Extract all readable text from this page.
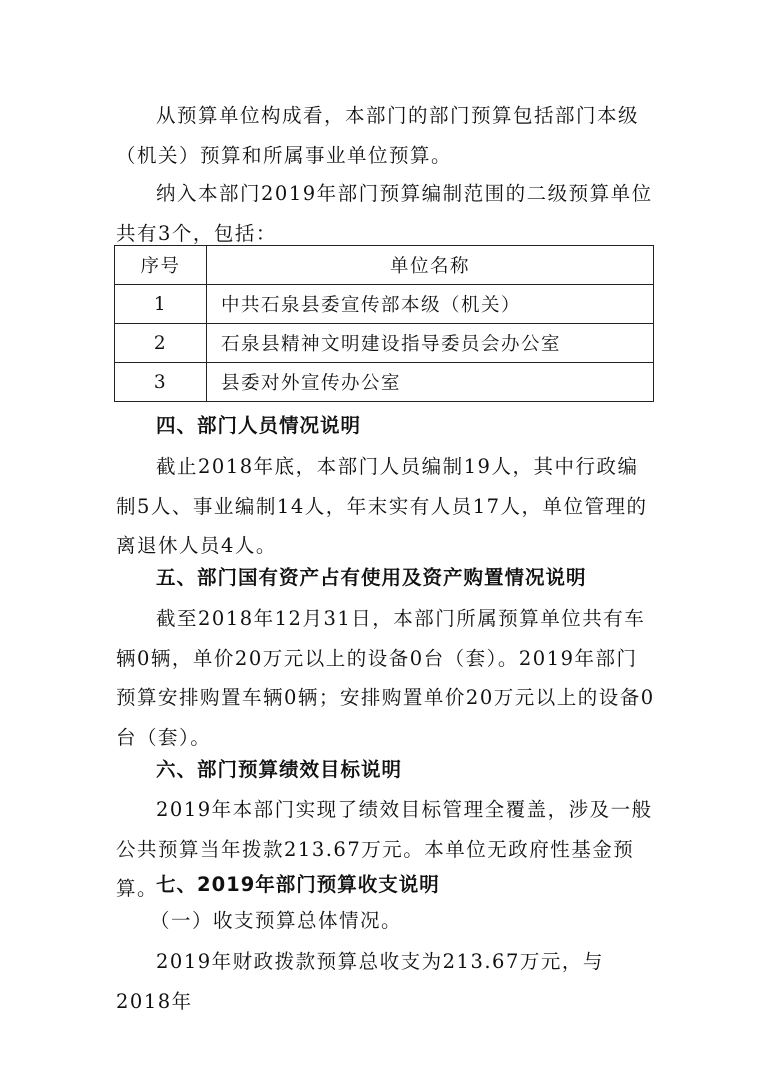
从预算单位构成看，本部门的部门预算包括部门本级（机关）预算和所属事业单位预算。

纳入本部门2019年部门预算编制范围的二级预算单位共有3个，包括：

序号	单位名称
1	中共石泉县委宣传部本级（机关）
2	石泉县精神文明建设指导委员会办公室
3	县委对外宣传办公室
四、部门人员情况说明

截止2018年底，本部门人员编制19人，其中行政编制5人、事业编制14人，年末实有人员17人，单位管理的离退休人员4人。

五、部门国有资产占有使用及资产购置情况说明

截至2018年12月31日，本部门所属预算单位共有车辆0辆，单价20万元以上的设备0台（套）。2019年部门预算安排购置车辆0辆；安排购置单价20万元以上的设备0台（套）。

六、部门预算绩效目标说明

2019年本部门实现了绩效目标管理全覆盖，涉及一般公共预算当年拨款213.67万元。本单位无政府性基金预算。

七、2019年部门预算收支说明

（一）收支预算总体情况。

2019年财政拨款预算总收支为213.67万元，与2018年
